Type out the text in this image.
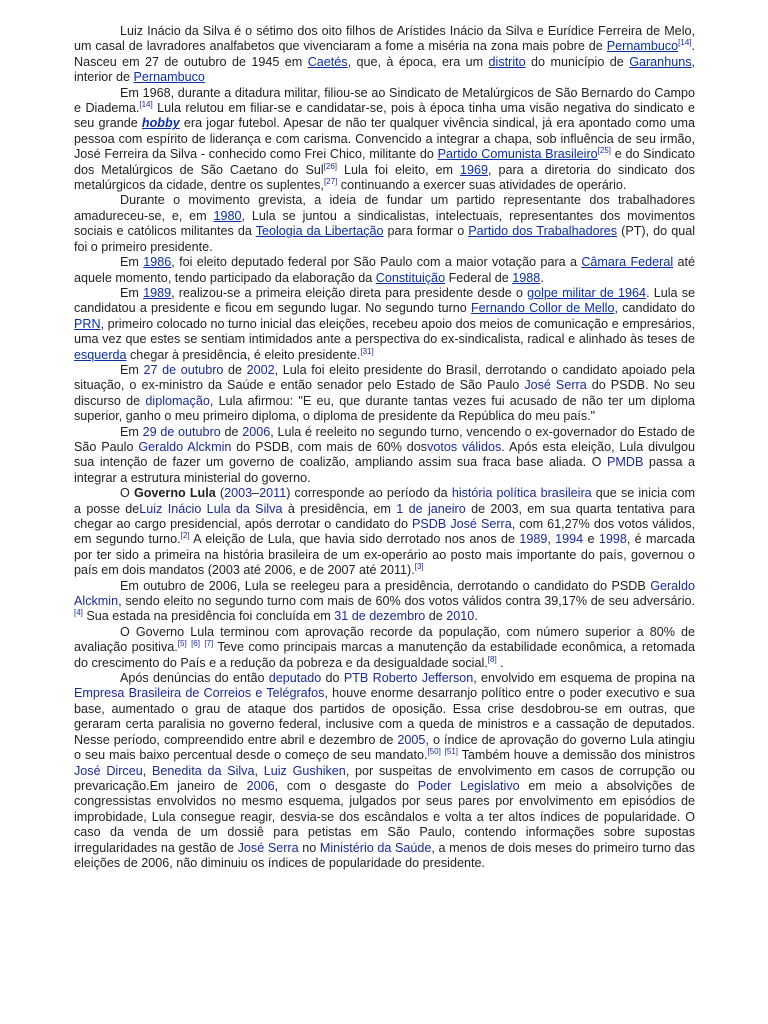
Luiz Inácio da Silva é o sétimo dos oito filhos de Arístides Inácio da Silva e Eurídice Ferreira de Melo, um casal de lavradores analfabetos que vivenciaram a fome a miséria na zona mais pobre de Pernambuco[14]. Nasceu em 27 de outubro de 1945 em Caetés, que, à época, era um distrito do município de Garanhuns, interior de Pernambuco

Em 1968, durante a ditadura militar, filiou-se ao Sindicato de Metalúrgicos de São Bernardo do Campo e Diadema.[14] Lula relutou em filiar-se e candidatar-se, pois à época tinha uma visão negativa do sindicato e seu grande hobby era jogar futebol. Apesar de não ter qualquer vivência sindical, já era apontado como uma pessoa com espírito de liderança e com carisma. Convencido a integrar a chapa, sob influência de seu irmão, José Ferreira da Silva - conhecido como Frei Chico, militante do Partido Comunista Brasileiro[25] e do Sindicato dos Metalúrgicos de São Caetano do Sul[26] Lula foi eleito, em 1969, para a diretoria do sindicato dos metalúrgicos da cidade, dentre os suplentes,[27] continuando a exercer suas atividades de operário.

Durante o movimento grevista, a ideia de fundar um partido representante dos trabalhadores amadureceu-se, e, em 1980, Lula se juntou a sindicalistas, intelectuais, representantes dos movimentos sociais e católicos militantes da Teologia da Libertação para formar o Partido dos Trabalhadores (PT), do qual foi o primeiro presidente.

Em 1986, foi eleito deputado federal por São Paulo com a maior votação para a Câmara Federal até aquele momento, tendo participado da elaboração da Constituição Federal de 1988.

Em 1989, realizou-se a primeira eleição direta para presidente desde o golpe militar de 1964. Lula se candidatou a presidente e ficou em segundo lugar. No segundo turno Fernando Collor de Mello, candidato do PRN, primeiro colocado no turno inicial das eleições, recebeu apoio dos meios de comunicação e empresários, uma vez que estes se sentiam intimidados ante a perspectiva do ex-sindicalista, radical e alinhado às teses de esquerda chegar à presidência, é eleito presidente.[31]

Em 27 de outubro de 2002, Lula foi eleito presidente do Brasil, derrotando o candidato apoiado pela situação, o ex-ministro da Saúde e então senador pelo Estado de São Paulo José Serra do PSDB. No seu discurso de diplomação, Lula afirmou: "E eu, que durante tantas vezes fui acusado de não ter um diploma superior, ganho o meu primeiro diploma, o diploma de presidente da República do meu país."

Em 29 de outubro de 2006, Lula é reeleito no segundo turno, vencendo o ex-governador do Estado de São Paulo Geraldo Alckmin do PSDB, com mais de 60% dosvotos válidos. Após esta eleição, Lula divulgou sua intenção de fazer um governo de coalizão, ampliando assim sua fraca base aliada. O PMDB passa a integrar a estrutura ministerial do governo.

O Governo Lula (2003–2011) corresponde ao período da história política brasileira que se inicia com a posse deLuiz Inácio Lula da Silva à presidência, em 1 de janeiro de 2003, em sua quarta tentativa para chegar ao cargo presidencial, após derrotar o candidato do PSDB José Serra, com 61,27% dos votos válidos, em segundo turno.[2] A eleição de Lula, que havia sido derrotado nos anos de 1989, 1994 e 1998, é marcada por ter sido a primeira na história brasileira de um ex-operário ao posto mais importante do país, governou o país em dois mandatos (2003 até 2006, e de 2007 até 2011).[3]

Em outubro de 2006, Lula se reelegeu para a presidência, derrotando o candidato do PSDB Geraldo Alckmin, sendo eleito no segundo turno com mais de 60% dos votos válidos contra 39,17% de seu adversário.[4] Sua estada na presidência foi concluída em 31 de dezembro de 2010.

O Governo Lula terminou com aprovação recorde da população, com número superior a 80% de avaliação positiva.[5] [6] [7] Teve como principais marcas a manutenção da estabilidade econômica, a retomada do crescimento do País e a redução da pobreza e da desigualdade social.[8] .

Após denúncias do então deputado do PTB Roberto Jefferson, envolvido em esquema de propina na Empresa Brasileira de Correios e Telégrafos, houve enorme desarranjo político entre o poder executivo e sua base, aumentado o grau de ataque dos partidos de oposição. Essa crise desdobrou-se em outras, que geraram certa paralisia no governo federal, inclusive com a queda de ministros e a cassação de deputados. Nesse período, compreendido entre abril e dezembro de 2005, o índice de aprovação do governo Lula atingiu o seu mais baixo percentual desde o começo de seu mandato.[50] [51] Também houve a demissão dos ministros José Dirceu, Benedita da Silva, Luiz Gushiken, por suspeitas de envolvimento em casos de corrupção ou prevaricação.Em janeiro de 2006, com o desgaste do Poder Legislativo em meio a absolvições de congressistas envolvidos no mesmo esquema, julgados por seus pares por envolvimento em episódios de improbidade, Lula consegue reagir, desvia-se dos escândalos e volta a ter altos índices de popularidade. O caso da venda de um dossiê para petistas em São Paulo, contendo informações sobre supostas irregularidades na gestão de José Serra no Ministério da Saúde, a menos de dois meses do primeiro turno das eleições de 2006, não diminuiu os índices de popularidade do presidente.
